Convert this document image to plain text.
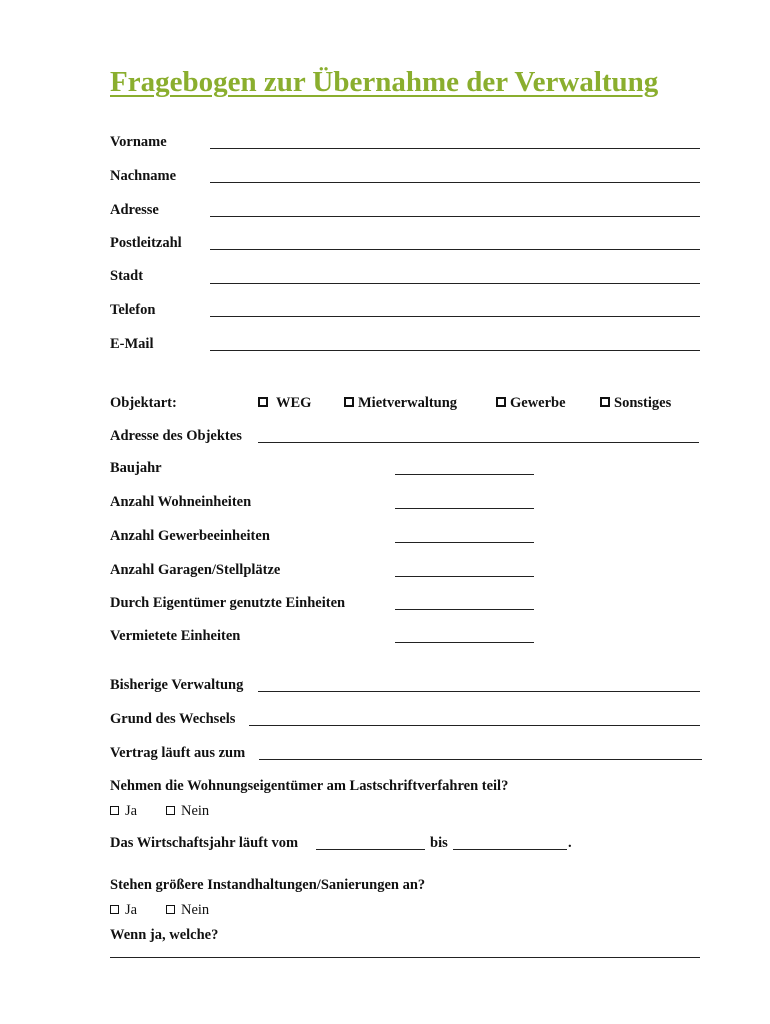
Fragebogen zur Übernahme der Verwaltung
Vorname
Nachname
Adresse
Postleitzahl
Stadt
Telefon
E-Mail
Objektart:	WEG	Mietverwaltung	Gewerbe	Sonstiges
Adresse des Objektes
Baujahr
Anzahl Wohneinheiten
Anzahl Gewerbeeinheiten
Anzahl Garagen/Stellplätze
Durch Eigentümer genutzte Einheiten
Vermietete Einheiten
Bisherige Verwaltung
Grund des Wechsels
Vertrag läuft aus zum
Nehmen die Wohnungseigentümer am Lastschriftverfahren teil?
Ja	Nein
Das Wirtschaftsjahr läuft vom	bis	.
Stehen größere Instandhaltungen/Sanierungen an?
Ja	Nein
Wenn ja, welche?
